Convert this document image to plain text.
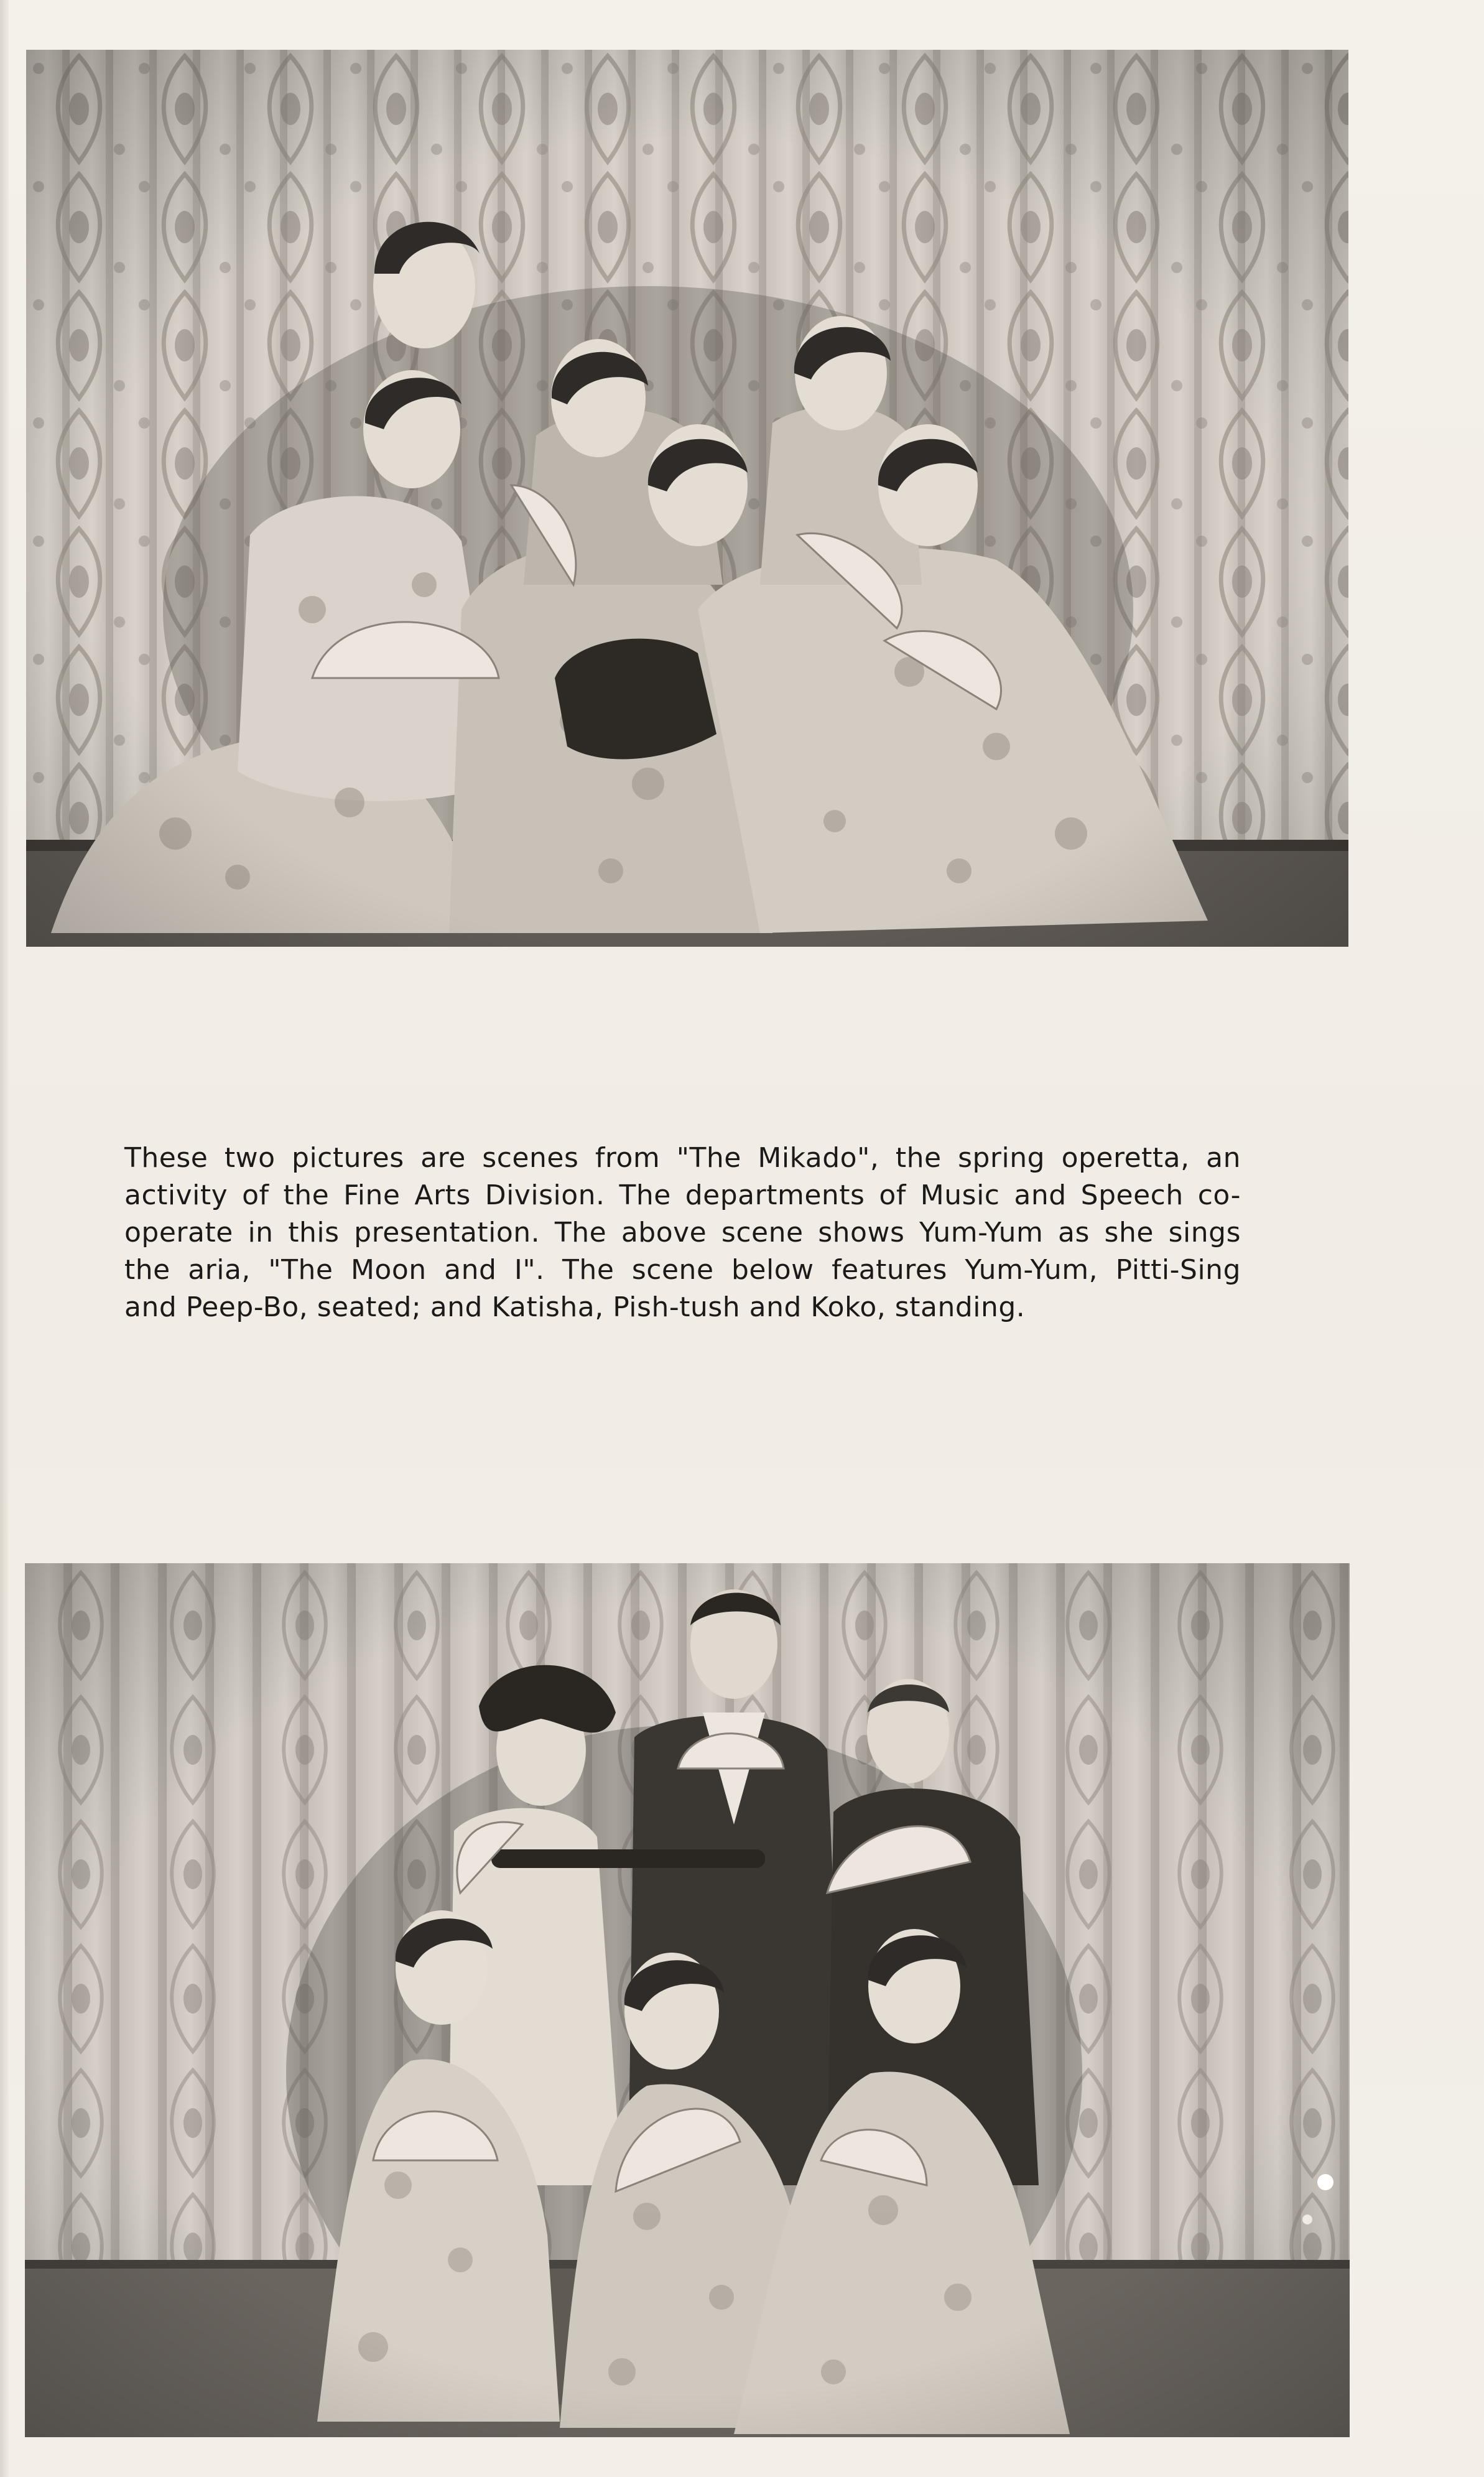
These two pictures are scenes from "The Mikado", the spring operetta, an
activity of the Fine Arts Division. The departments of Music and Speech co-
operate in this presentation. The above scene shows Yum-Yum as she sings
the aria, "The Moon and I". The scene below features Yum-Yum, Pitti-Sing
and Peep-Bo, seated; and Katisha, Pish-tush and Koko, standing.
